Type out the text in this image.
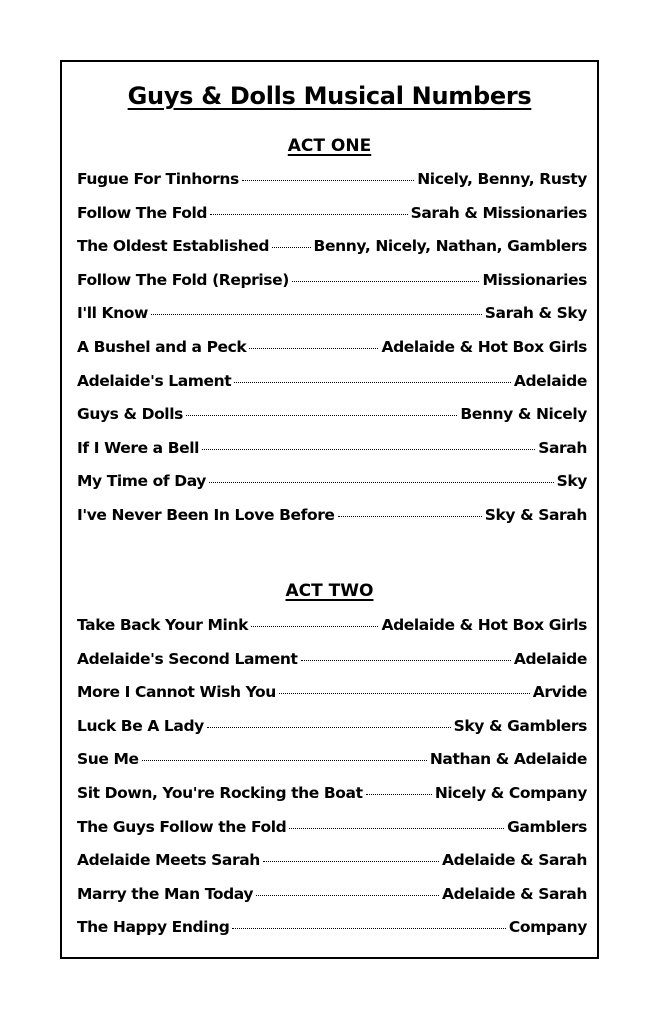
Guys & Dolls Musical Numbers
ACT ONE
Fugue For Tinhorns	Nicely, Benny, Rusty
Follow The Fold	Sarah & Missionaries
The Oldest Established	Benny, Nicely, Nathan, Gamblers
Follow The Fold (Reprise)	Missionaries
I'll Know	Sarah & Sky
A Bushel and a Peck	Adelaide & Hot Box Girls
Adelaide's Lament	Adelaide
Guys & Dolls	Benny & Nicely
If I Were a Bell	Sarah
My Time of Day	Sky
I've Never Been In Love Before	Sky & Sarah
ACT TWO
Take Back Your Mink	Adelaide & Hot Box Girls
Adelaide's Second Lament	Adelaide
More I Cannot Wish You	Arvide
Luck Be A Lady	Sky & Gamblers
Sue Me	Nathan & Adelaide
Sit Down, You're Rocking the Boat	Nicely & Company
The Guys Follow the Fold	Gamblers
Adelaide Meets Sarah	Adelaide & Sarah
Marry the Man Today	Adelaide & Sarah
The Happy Ending	Company
